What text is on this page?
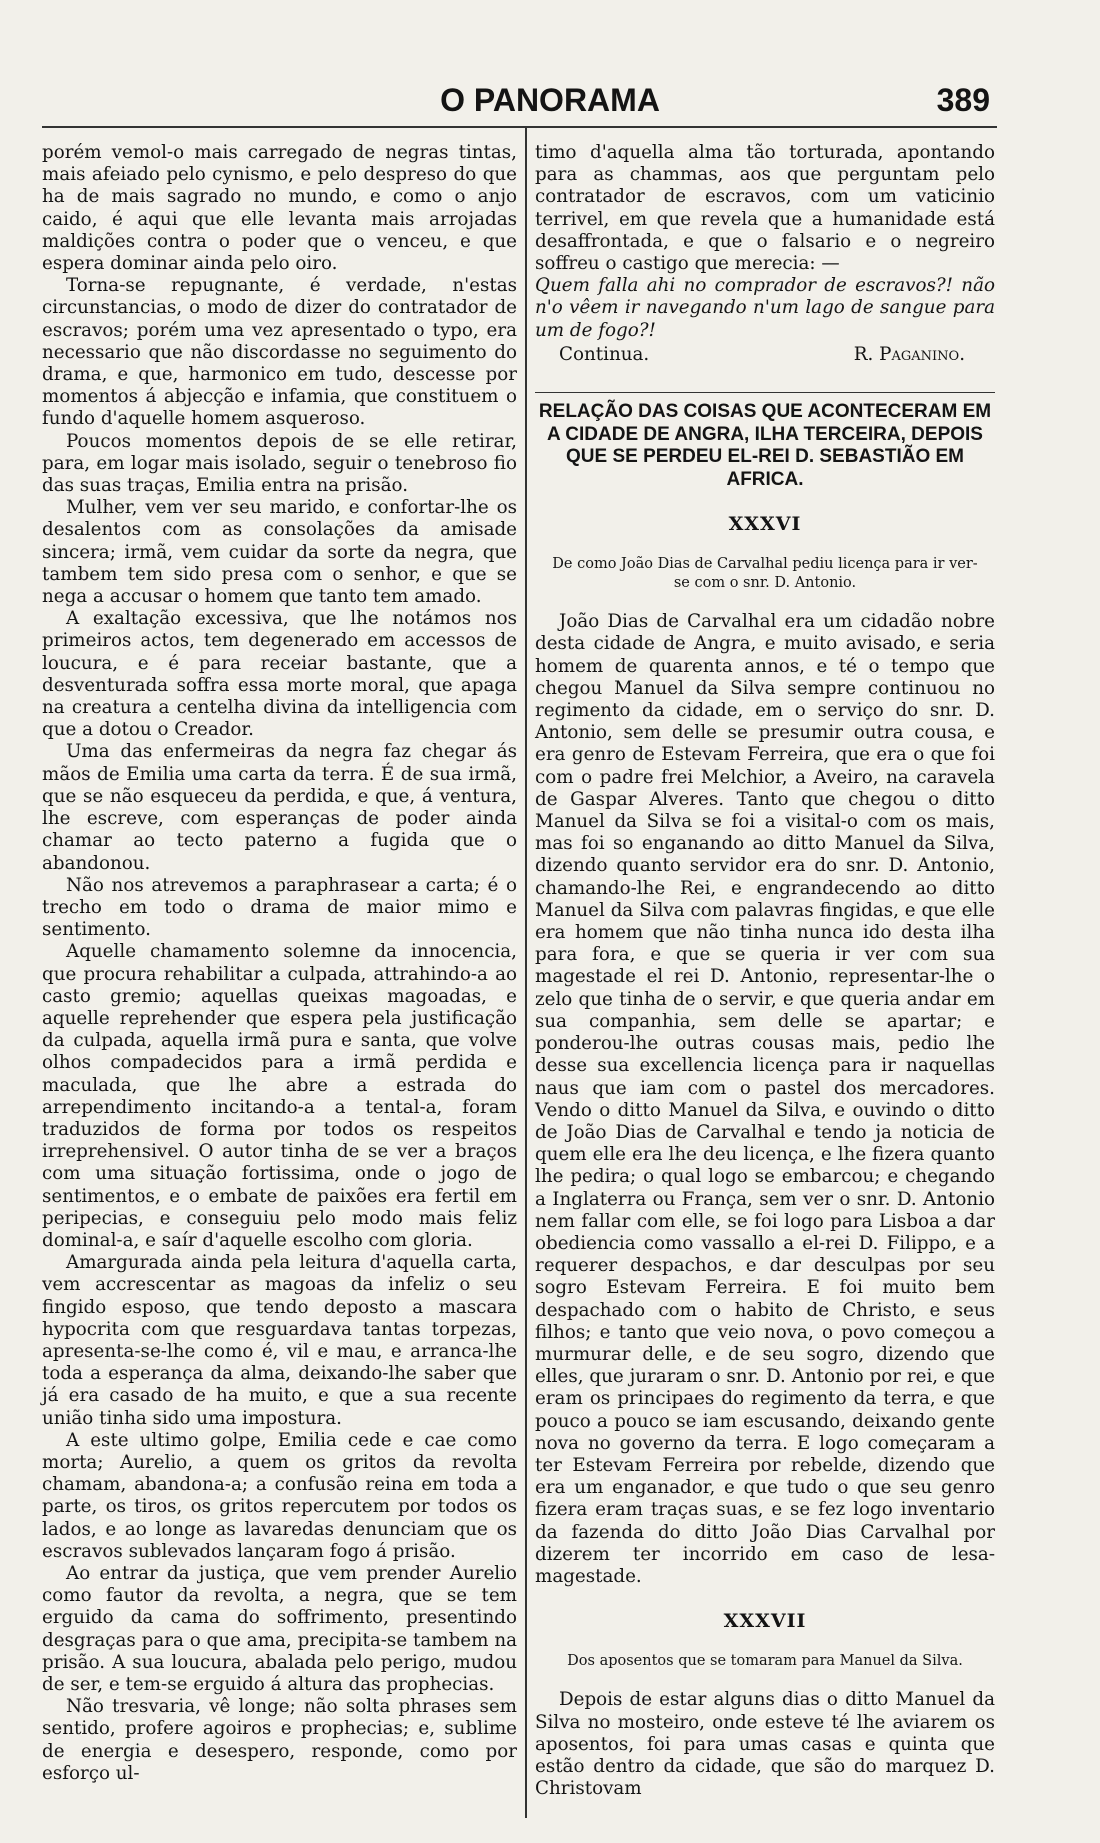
O PANORAMA	389

porém vemol-o mais carregado de negras tintas, mais afeiado pelo cynismo, e pelo despreso do que ha de mais sagrado no mundo, e como o anjo caido, é aqui que elle levanta mais arrojadas maldições contra o poder que o venceu, e que espera dominar ainda pelo oiro.

Torna-se repugnante, é verdade, n'estas circunstancias, o modo de dizer do contratador de escravos; porém uma vez apresentado o typo, era necessario que não discordasse no seguimento do drama, e que, harmonico em tudo, descesse por momentos á abjecção e infamia, que constituem o fundo d'aquelle homem asqueroso.

Poucos momentos depois de se elle retirar, para, em logar mais isolado, seguir o tenebroso fio das suas traças, Emilia entra na prisão.

Mulher, vem ver seu marido, e confortar-lhe os desalentos com as consolações da amisade sincera; irmã, vem cuidar da sorte da negra, que tambem tem sido presa com o senhor, e que se nega a accusar o homem que tanto tem amado.

A exaltação excessiva, que lhe notámos nos primeiros actos, tem degenerado em accessos de loucura, e é para receiar bastante, que a desventurada soffra essa morte moral, que apaga na creatura a centelha divina da intelligencia com que a dotou o Creador.

Uma das enfermeiras da negra faz chegar ás mãos de Emilia uma carta da terra. É de sua irmã, que se não esqueceu da perdida, e que, á ventura, lhe escreve, com esperanças de poder ainda chamar ao tecto paterno a fugida que o abandonou.

Não nos atrevemos a paraphrasear a carta; é o trecho em todo o drama de maior mimo e sentimento.

Aquelle chamamento solemne da innocencia, que procura rehabilitar a culpada, attrahindo-a ao casto gremio; aquellas queixas magoadas, e aquelle reprehender que espera pela justificação da culpada, aquella irmã pura e santa, que volve olhos compadecidos para a irmã perdida e maculada, que lhe abre a estrada do arrependimento incitando-a a tental-a, foram traduzidos de forma por todos os respeitos irreprehensivel. O autor tinha de se ver a braços com uma situação fortissima, onde o jogo de sentimentos, e o embate de paixões era fertil em peripecias, e conseguiu pelo modo mais feliz dominal-a, e saír d'aquelle escolho com gloria.

Amargurada ainda pela leitura d'aquella carta, vem accrescentar as magoas da infeliz o seu fingido esposo, que tendo deposto a mascara hypocrita com que resguardava tantas torpezas, apresenta-se-lhe como é, vil e mau, e arranca-lhe toda a esperança da alma, deixando-lhe saber que já era casado de ha muito, e que a sua recente união tinha sido uma impostura.

A este ultimo golpe, Emilia cede e cae como morta; Aurelio, a quem os gritos da revolta chamam, abandona-a; a confusão reina em toda a parte, os tiros, os gritos repercutem por todos os lados, e ao longe as lavaredas denunciam que os escravos sublevados lançaram fogo á prisão.

Ao entrar da justiça, que vem prender Aurelio como fautor da revolta, a negra, que se tem erguido da cama do soffrimento, presentindo desgraças para o que ama, precipita-se tambem na prisão. A sua loucura, abalada pelo perigo, mudou de ser, e tem-se erguido á altura das prophecias.

Não tresvaria, vê longe; não solta phrases sem sentido, profere agoiros e prophecias; e, sublime de energia e desespero, responde, como por esforço ul-

timo d'aquella alma tão torturada, apontando para as chammas, aos que perguntam pelo contratador de escravos, com um vaticinio terrivel, em que revela que a humanidade está desaffrontada, e que o falsario e o negreiro soffreu o castigo que merecia: —

Quem falla ahi no comprador de escravos?! não n'o vêem ir navegando n'um lago de sangue para um de fogo?!

Continua.	R. Paganino.
RELAÇÃO DAS COISAS QUE ACONTECERAM EM A CIDADE DE ANGRA, ILHA TERCEIRA, DEPOIS QUE SE PERDEU EL-REI D. SEBASTIÃO EM AFRICA.
XXXVI
De como João Dias de Carvalhal pediu licença para ir ver-se com o snr. D. Antonio.

João Dias de Carvalhal era um cidadão nobre desta cidade de Angra, e muito avisado, e seria homem de quarenta annos, e té o tempo que chegou Manuel da Silva sempre continuou no regimento da cidade, em o serviço do snr. D. Antonio, sem delle se presumir outra cousa, e era genro de Estevam Ferreira, que era o que foi com o padre frei Melchior, a Aveiro, na caravela de Gaspar Alveres. Tanto que chegou o ditto Manuel da Silva se foi a visital-o com os mais, mas foi so enganando ao ditto Manuel da Silva, dizendo quanto servidor era do snr. D. Antonio, chamando-lhe Rei, e engrandecendo ao ditto Manuel da Silva com palavras fingidas, e que elle era homem que não tinha nunca ido desta ilha para fora, e que se queria ir ver com sua magestade el rei D. Antonio, representar-lhe o zelo que tinha de o servir, e que queria andar em sua companhia, sem delle se apartar; e ponderou-lhe outras cousas mais, pedio lhe desse sua excellencia licença para ir naquellas naus que iam com o pastel dos mercadores. Vendo o ditto Manuel da Silva, e ouvindo o ditto de João Dias de Carvalhal e tendo ja noticia de quem elle era lhe deu licença, e lhe fizera quanto lhe pedira; o qual logo se embarcou; e chegando a Inglaterra ou França, sem ver o snr. D. Antonio nem fallar com elle, se foi logo para Lisboa a dar obediencia como vassallo a el-rei D. Filippo, e a requerer despachos, e dar desculpas por seu sogro Estevam Ferreira. E foi muito bem despachado com o habito de Christo, e seus filhos; e tanto que veio nova, o povo começou a murmurar delle, e de seu sogro, dizendo que elles, que juraram o snr. D. Antonio por rei, e que eram os principaes do regimento da terra, e que pouco a pouco se iam escusando, deixando gente nova no governo da terra. E logo começaram a ter Estevam Ferreira por rebelde, dizendo que era um enganador, e que tudo o que seu genro fizera eram traças suas, e se fez logo inventario da fazenda do ditto João Dias Carvalhal por dizerem ter incorrido em caso de lesa-magestade.

XXXVII
Dos aposentos que se tomaram para Manuel da Silva.

Depois de estar alguns dias o ditto Manuel da Silva no mosteiro, onde esteve té lhe aviarem os aposentos, foi para umas casas e quinta que estão dentro da cidade, que são do marquez D. Christovam
